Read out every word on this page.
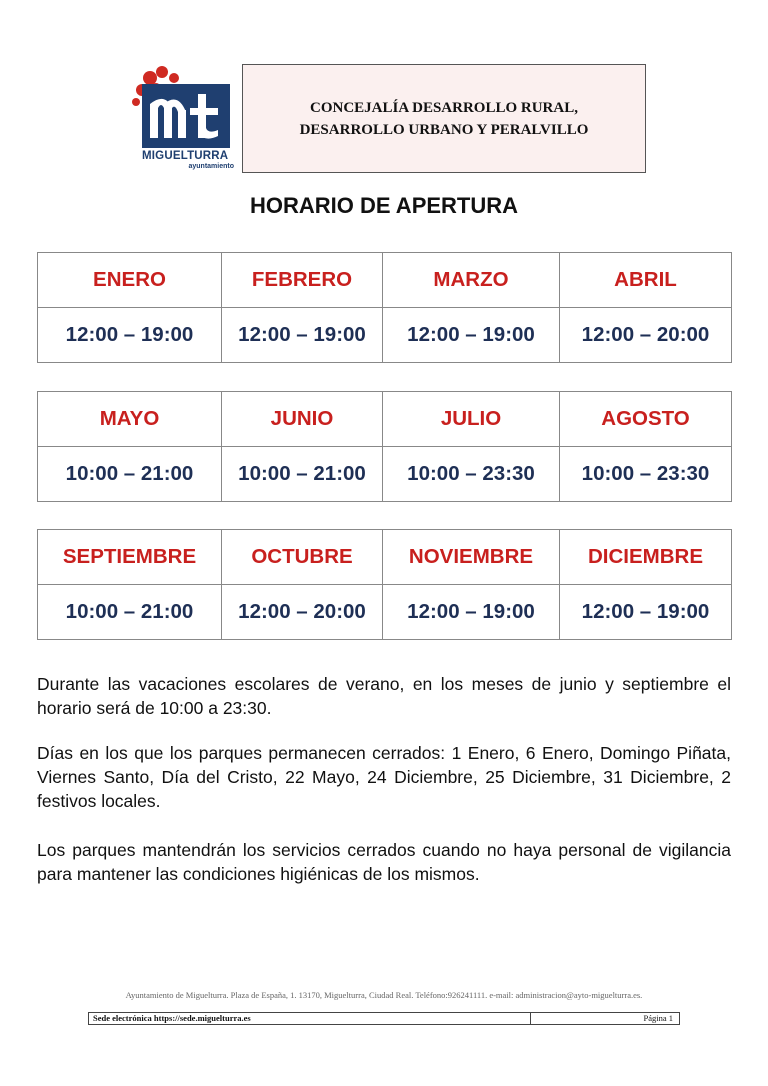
MIGUELTURRA
ayuntamiento
CONCEJALÍA DESARROLLO RURAL,
DESARROLLO URBANO Y PERALVILLO
HORARIO DE APERTURA
ENERO	FEBRERO	MARZO	ABRIL
12:00 – 19:00	12:00 – 19:00	12:00 – 19:00	12:00 – 20:00
MAYO	JUNIO	JULIO	AGOSTO
10:00 – 21:00	10:00 – 21:00	10:00 – 23:30	10:00 – 23:30
SEPTIEMBRE	OCTUBRE	NOVIEMBRE	DICIEMBRE
10:00 – 21:00	12:00 – 20:00	12:00 – 19:00	12:00 – 19:00
Durante las vacaciones escolares de verano, en los meses de junio y septiembre el horario será de 10:00 a 23:30.
Días en los que los parques permanecen cerrados: 1 Enero, 6 Enero, Domingo Piñata, Viernes Santo, Día del Cristo, 22 Mayo, 24 Diciembre, 25 Diciembre, 31 Diciembre, 2 festivos locales.
Los parques mantendrán los servicios cerrados cuando no haya personal de vigilancia para mantener las condiciones higiénicas de los mismos.
Ayuntamiento de Miguelturra. Plaza de España, 1. 13170, Miguelturra, Ciudad Real. Teléfono:926241111. e-mail: administracion@ayto-miguelturra.es.
Sede electrónica https://sede.miguelturra.es	Página 1
